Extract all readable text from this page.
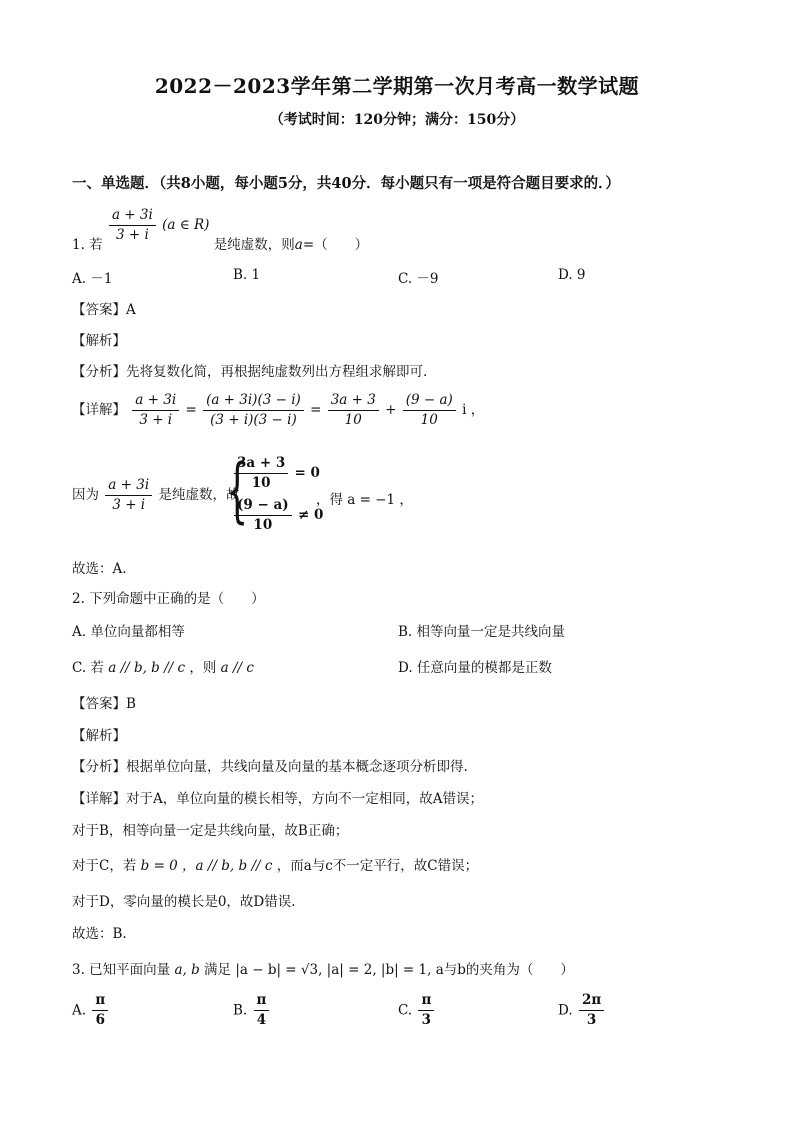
2022－2023学年第二学期第一次月考高一数学试题
（考试时间：120分钟；满分：150分）
一、单选题．（共8小题，每小题5分，共40分．每小题只有一项是符合题目要求的．）
1. 若
$\frac{a + 3i}{3 + i} (a$ ∈ R) 是纯虚数，则a=（　　）
A. －1	B. 1	C. －9	D. 9
【答案】A
【解析】
【分析】先将复数化简，再根据纯虚数列出方程组求解即可.
【详解】 $\frac{a + 3i}{3 + i} = \frac{(a + 3i)(3 - i)}{(3 + i)(3 - i)} = \frac{3a + 3}{10} + \frac{(9 - a)}{10}$ i ，
因为 $\frac{a + 3i}{3 + i}$ 是纯虚数，故
{
$\frac{3a + 3}{10} = 0$
$\frac{(9 - a)}{10} \ne 0$
，得 a = −1 ，
故选：A.
2. 下列命题中正确的是（　　）
A. 单位向量都相等	B. 相等向量一定是共线向量
C. 若 a // b, b // c ，则 a // c	D. 任意向量的模都是正数
【答案】B
【解析】
【分析】根据单位向量，共线向量及向量的基本概念逐项分析即得.
【详解】对于A，单位向量的模长相等，方向不一定相同，故A错误；
对于B，相等向量一定是共线向量，故B正确；
对于C，若 b = 0 ，a // b, b // c ，而a与c不一定平行，故C错误；
对于D，零向量的模长是0，故D错误.
故选：B.
3. 已知平面向量 a, b 满足 |a − b| = √3, |a| = 2, |b| = 1, a与b的夹角为（　　）
A. $\frac{\pi}{6}$	B. $\frac{\pi}{4}$	C. $\frac{\pi}{3}$	D. $\frac{2\pi}{3}$
